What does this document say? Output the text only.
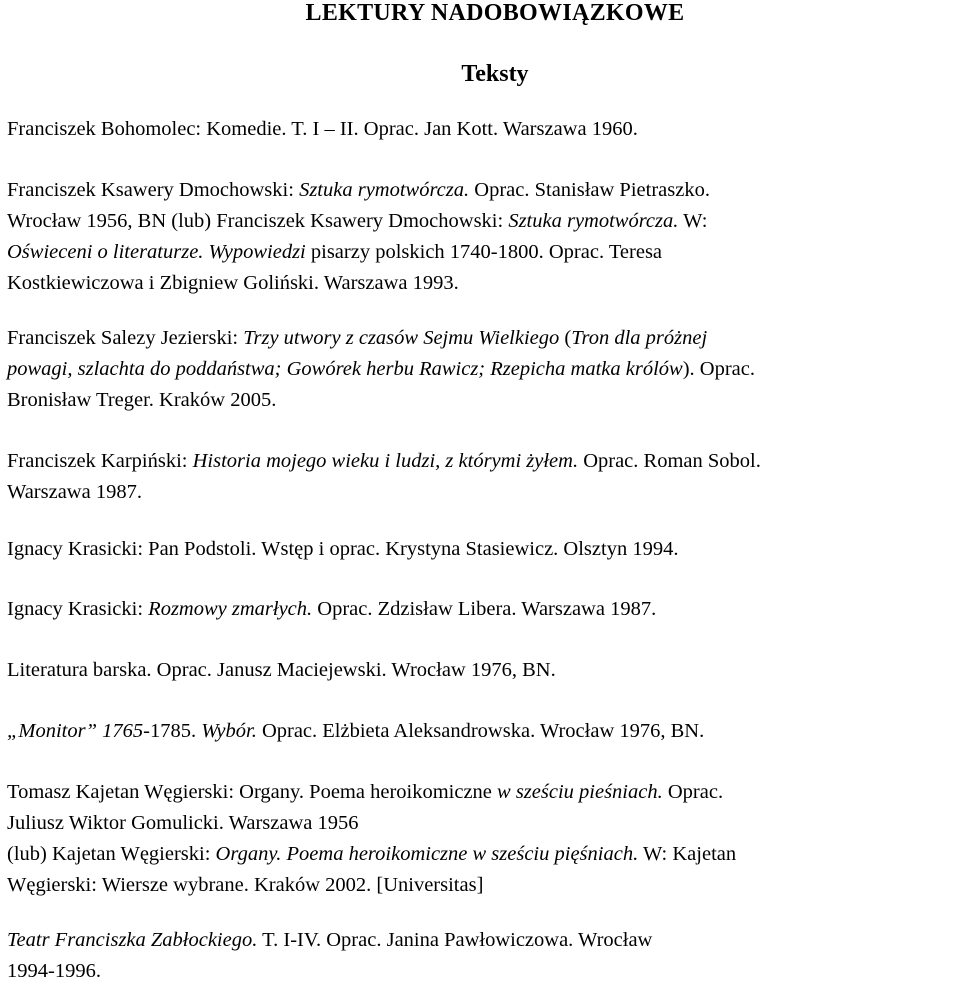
LEKTURY NADOBOWIĄZKOWE
Teksty
Franciszek Bohomolec: Komedie. T. I – II. Oprac. Jan Kott. Warszawa 1960.
Franciszek Ksawery Dmochowski: Sztuka rymotwórcza. Oprac. Stanisław Pietraszko.
Wrocław 1956, BN (lub) Franciszek Ksawery Dmochowski: Sztuka rymotwórcza. W:
Oświeceni o literaturze. Wypowiedzi pisarzy polskich 1740-1800. Oprac. Teresa
Kostkiewiczowa i Zbigniew Goliński. Warszawa 1993.
Franciszek Salezy Jezierski: Trzy utwory z czasów Sejmu Wielkiego (Tron dla próżnej
powagi, szlachta do poddaństwa; Gowórek herbu Rawicz; Rzepicha matka królów). Oprac.
Bronisław Treger. Kraków 2005.
Franciszek Karpiński: Historia mojego wieku i ludzi, z którymi żyłem. Oprac. Roman Sobol.
Warszawa 1987.
Ignacy Krasicki: Pan Podstoli. Wstęp i oprac. Krystyna Stasiewicz. Olsztyn 1994.
Ignacy Krasicki: Rozmowy zmarłych. Oprac. Zdzisław Libera. Warszawa 1987.
Literatura barska. Oprac. Janusz Maciejewski. Wrocław 1976, BN.
„Monitor” 1765-1785. Wybór. Oprac. Elżbieta Aleksandrowska. Wrocław 1976, BN.
Tomasz Kajetan Węgierski: Organy. Poema heroikomiczne w sześciu pieśniach. Oprac.
Juliusz Wiktor Gomulicki. Warszawa 1956
(lub) Kajetan Węgierski: Organy. Poema heroikomiczne w sześciu pięśniach. W: Kajetan
Węgierski: Wiersze wybrane. Kraków 2002. [Universitas]
Teatr Franciszka Zabłockiego. T. I-IV. Oprac. Janina Pawłowiczowa. Wrocław
1994-1996.
